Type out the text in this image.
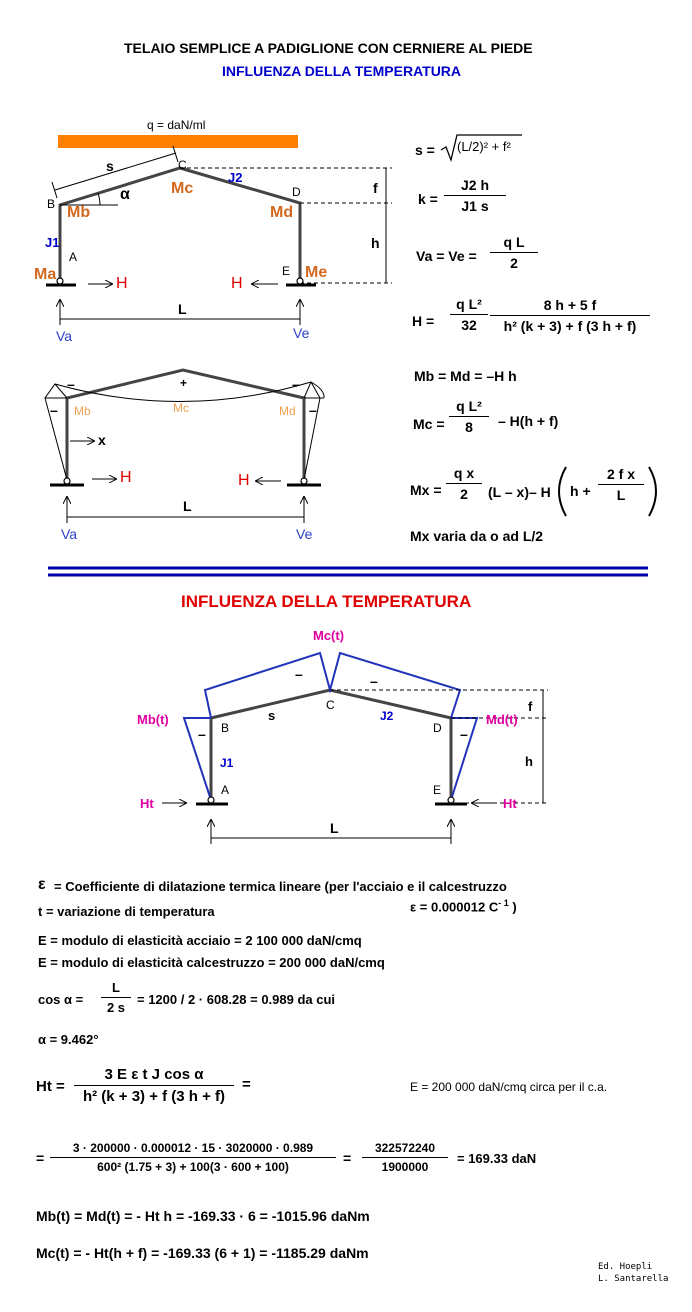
TELAIO SEMPLICE A PADIGLIONE CON CERNIERE AL PIEDE
INFLUENZA DELLA TEMPERATURA
q = daN/ml
s	C
J2
α	Mc	D	f
B Mb	Md
J1	h
Ma
A
H	H
E Me
L
Va	Ve
–	+	–
– Mb	Mc	Md –
x
H	H
L
Va	Ve
s = (L/2)² + f²
$k = \frac{J2 h}{J1 s}$
$Va = Ve = \frac{\text{q L}}{2}$
$H = \frac{\text{q L²}}{32} \frac{8 h + 5 f}{\text{h² (k + 3) + f (3 h + f)}}$
Mb = Md = –H h
$Mc = \frac{\text{q L²}}{8} - H(h + f)$
$Mx = \frac{\text{q x}}{2} (L - x)-$ H $h + \frac{\text{2 f x}}{L}$
Mx varia da o ad L/2
INFLUENZA DELLA TEMPERATURA
Mc(t)
–	–
Mb(t)	Md(t)
B
s
C
J2
D
f
–	–
J1	h
Ht
A	E
Ht
L
ε = Coefficiente di dilatazione termica lineare (per l'acciaio e il calcestruzzo
t = variazione di temperatura	ε = 0.000012 $C^{- 1}$ )
E = modulo di elasticità acciaio = 2 100 000 daN/cmq
E = modulo di elasticità calcestruzzo = 200 000 daN/cmq
$\cos \alpha = \frac{L}{2 s} = 1200 / 2 \cdot 608.28 = 0.989$ da cui
α = 9.462°
$Ht = \frac{\text{3 E ε t J cos α}}{\text{h² (k + 3) + f (3 h + f)}}$ =	E = 200 000 daN/cmq circa per il c.a.
= $\frac{3 \cdot 200000 \cdot 0.000012 \cdot 15 \cdot 3020000 \cdot 0.989}{\text{600² (1.75 + 3) + 100(3 · 600 + 100)}} = \frac{322572240}{1900000} = 169.33$ daN
Mb(t) = Md(t) = - Ht h = -169.33 · 6 = -1015.96 daNm
Mc(t) = - Ht(h + f) = -169.33 (6 + 1) = -1185.29 daNm
Ed. Hoepli
L. Santarella
